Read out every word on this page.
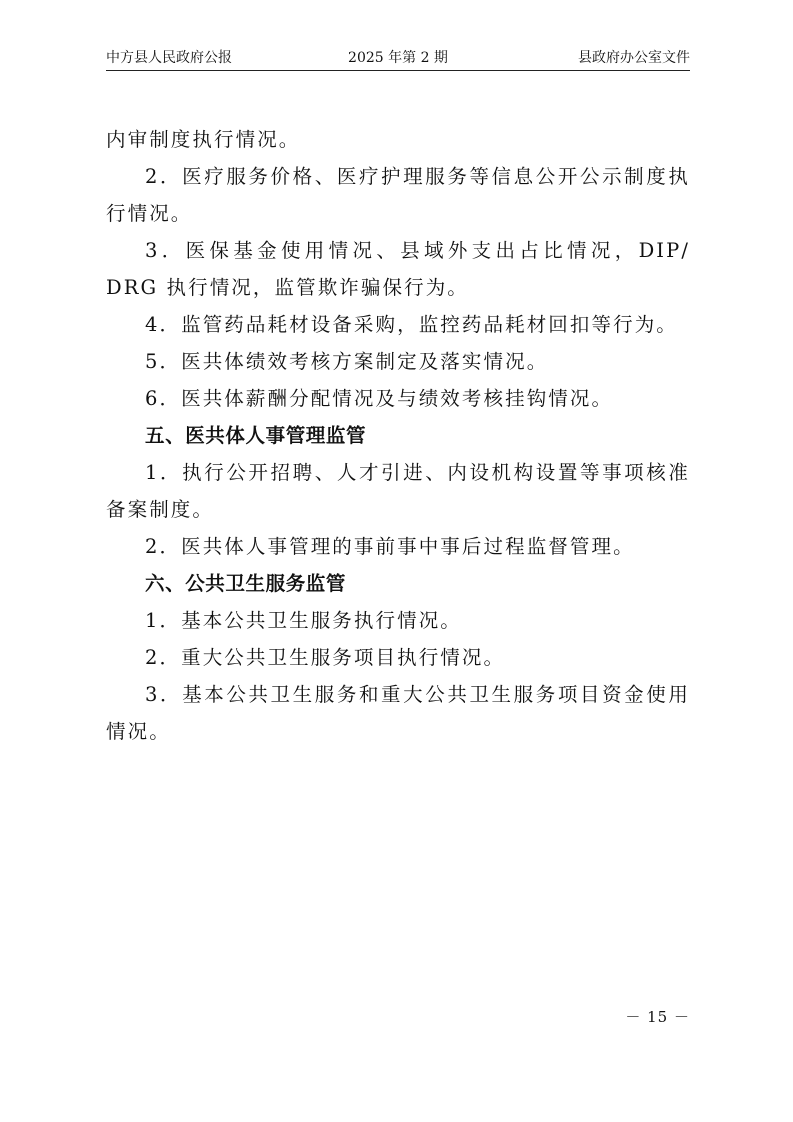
中方县人民政府公报	2025 年第 2 期	县政府办公室文件

内审制度执行情况。

2．医疗服务价格、医疗护理服务等信息公开公示制度执行情况。

3．医保基金使用情况、县域外支出占比情况，DIP/ DRG 执行情况，监管欺诈骗保行为。

4．监管药品耗材设备采购，监控药品耗材回扣等行为。

5．医共体绩效考核方案制定及落实情况。

6．医共体薪酬分配情况及与绩效考核挂钩情况。

五、医共体人事管理监管

1．执行公开招聘、人才引进、内设机构设置等事项核准备案制度。

2．医共体人事管理的事前事中事后过程监督管理。

六、公共卫生服务监管

1．基本公共卫生服务执行情况。

2．重大公共卫生服务项目执行情况。

3．基本公共卫生服务和重大公共卫生服务项目资金使用情况。

－ 15 －
